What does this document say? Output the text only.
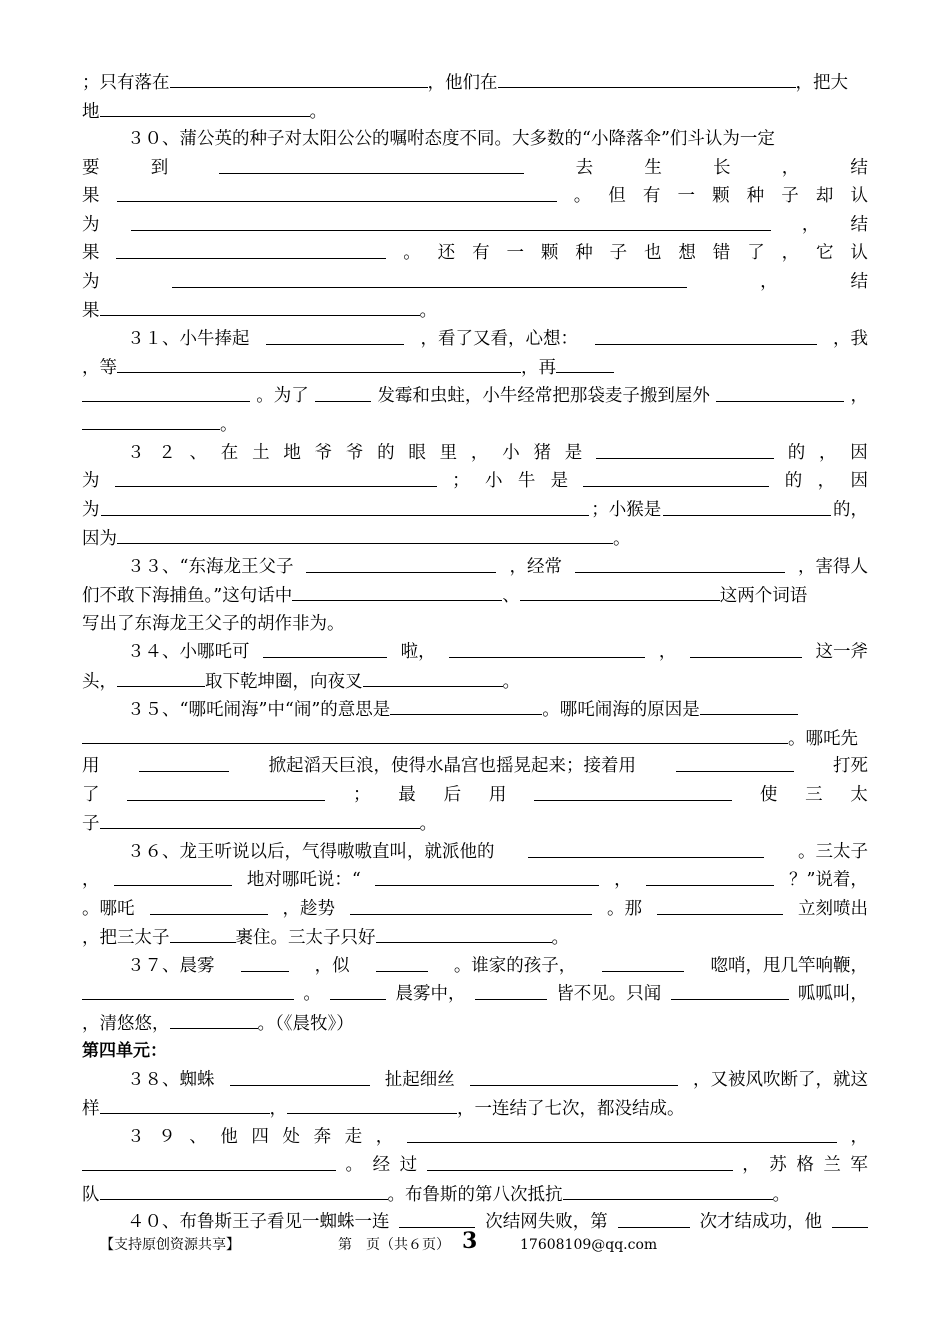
；只有落在	，他们在	，把大
地	。
３０、蒲公英的种子对太阳公公的嘱咐态度不同。大多数的“小降落伞”们斗认为一定
要	到	去	生	长	，	结
果	。 但 有 一 颗 种 子 却 认
为	， 结
果	。 还 有 一 颗 种 子 也 想 错 了 ， 它 认
为	，	结
果	。
３１、小牛捧起	，看了又看，心想：	，我
，等	，再
。为了	发霉和虫蛀，小牛经常把那袋麦子搬到屋外	，
。
３ ２ 、 在 土 地 爷 爷 的 眼 里 ， 小 猪 是	的 ， 因
为	； 小 牛 是	的 ， 因
为	；小猴是	的，
因为	。
３３、“东海龙王父子	，经常	，害得人
们不敢下海捕鱼。”这句话中	、	这两个词语
写出了东海龙王父子的胡作非为。
３４、小哪吒可	啦，	，	这一斧
头，	取下乾坤圈，向夜叉	。
３５、“哪吒闹海”中“闹”的意思是	。哪吒闹海的原因是
。哪吒先
用	掀起滔天巨浪，使得水晶宫也摇晃起来；接着用	打死
了	； 最 后 用	使 三 太
子	。
３６、龙王听说以后，气得嗷嗷直叫，就派他的	。三太子
，	地对哪吒说：“	，	？”说着，
。哪吒	，趁势	。那	立刻喷出
，把三太子	裹住。三太子只好	。
３７、晨雾	，似	。谁家的孩子，	唿哨，甩几竿响鞭，
。	晨雾中，	皆不见。只闻	呱呱叫，
，清悠悠，	。（《晨牧》）
第四单元：
３８、蜘蛛	扯起细丝	，又被风吹断了，就这
样	，	，一连结了七次，都没结成。
３ ９ 、 他 四 处 奔 走 ，	，
。 经 过	， 苏 格 兰 军
队	。布鲁斯的第八次抵抗	。
４０、布鲁斯王子看见一蜘蛛一连	次结网失败，第	次才结成功，他
【支持原创资源共享】	第　页（共６页） 3	17608109@qq.com
